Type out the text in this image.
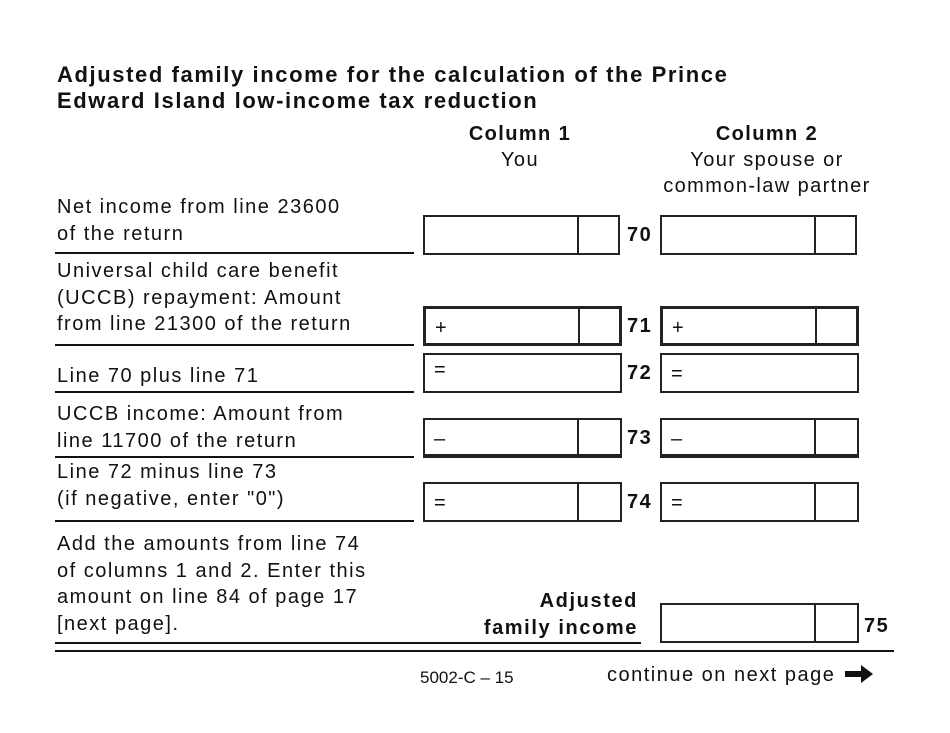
Adjusted family income for the calculation of the Prince
Edward Island low-income tax reduction
Column 1
You
Column 2
Your spouse or
common-law partner
Net income from line 23600
of the return	70
Universal child care benefit
(UCCB) repayment: Amount
from line 21300 of the return	+	71 +
Line 70 plus line 71	=	72 =
UCCB income: Amount from
line 11700 of the return	–	73 –
Line 72 minus line 73
(if negative, enter "0")	=	74 =
Add the amounts from line 74
of columns 1 and 2. Enter this
amount on line 84 of page 17
[next page].
Adjusted
family income	75
5002-C – 15	continue on next page
